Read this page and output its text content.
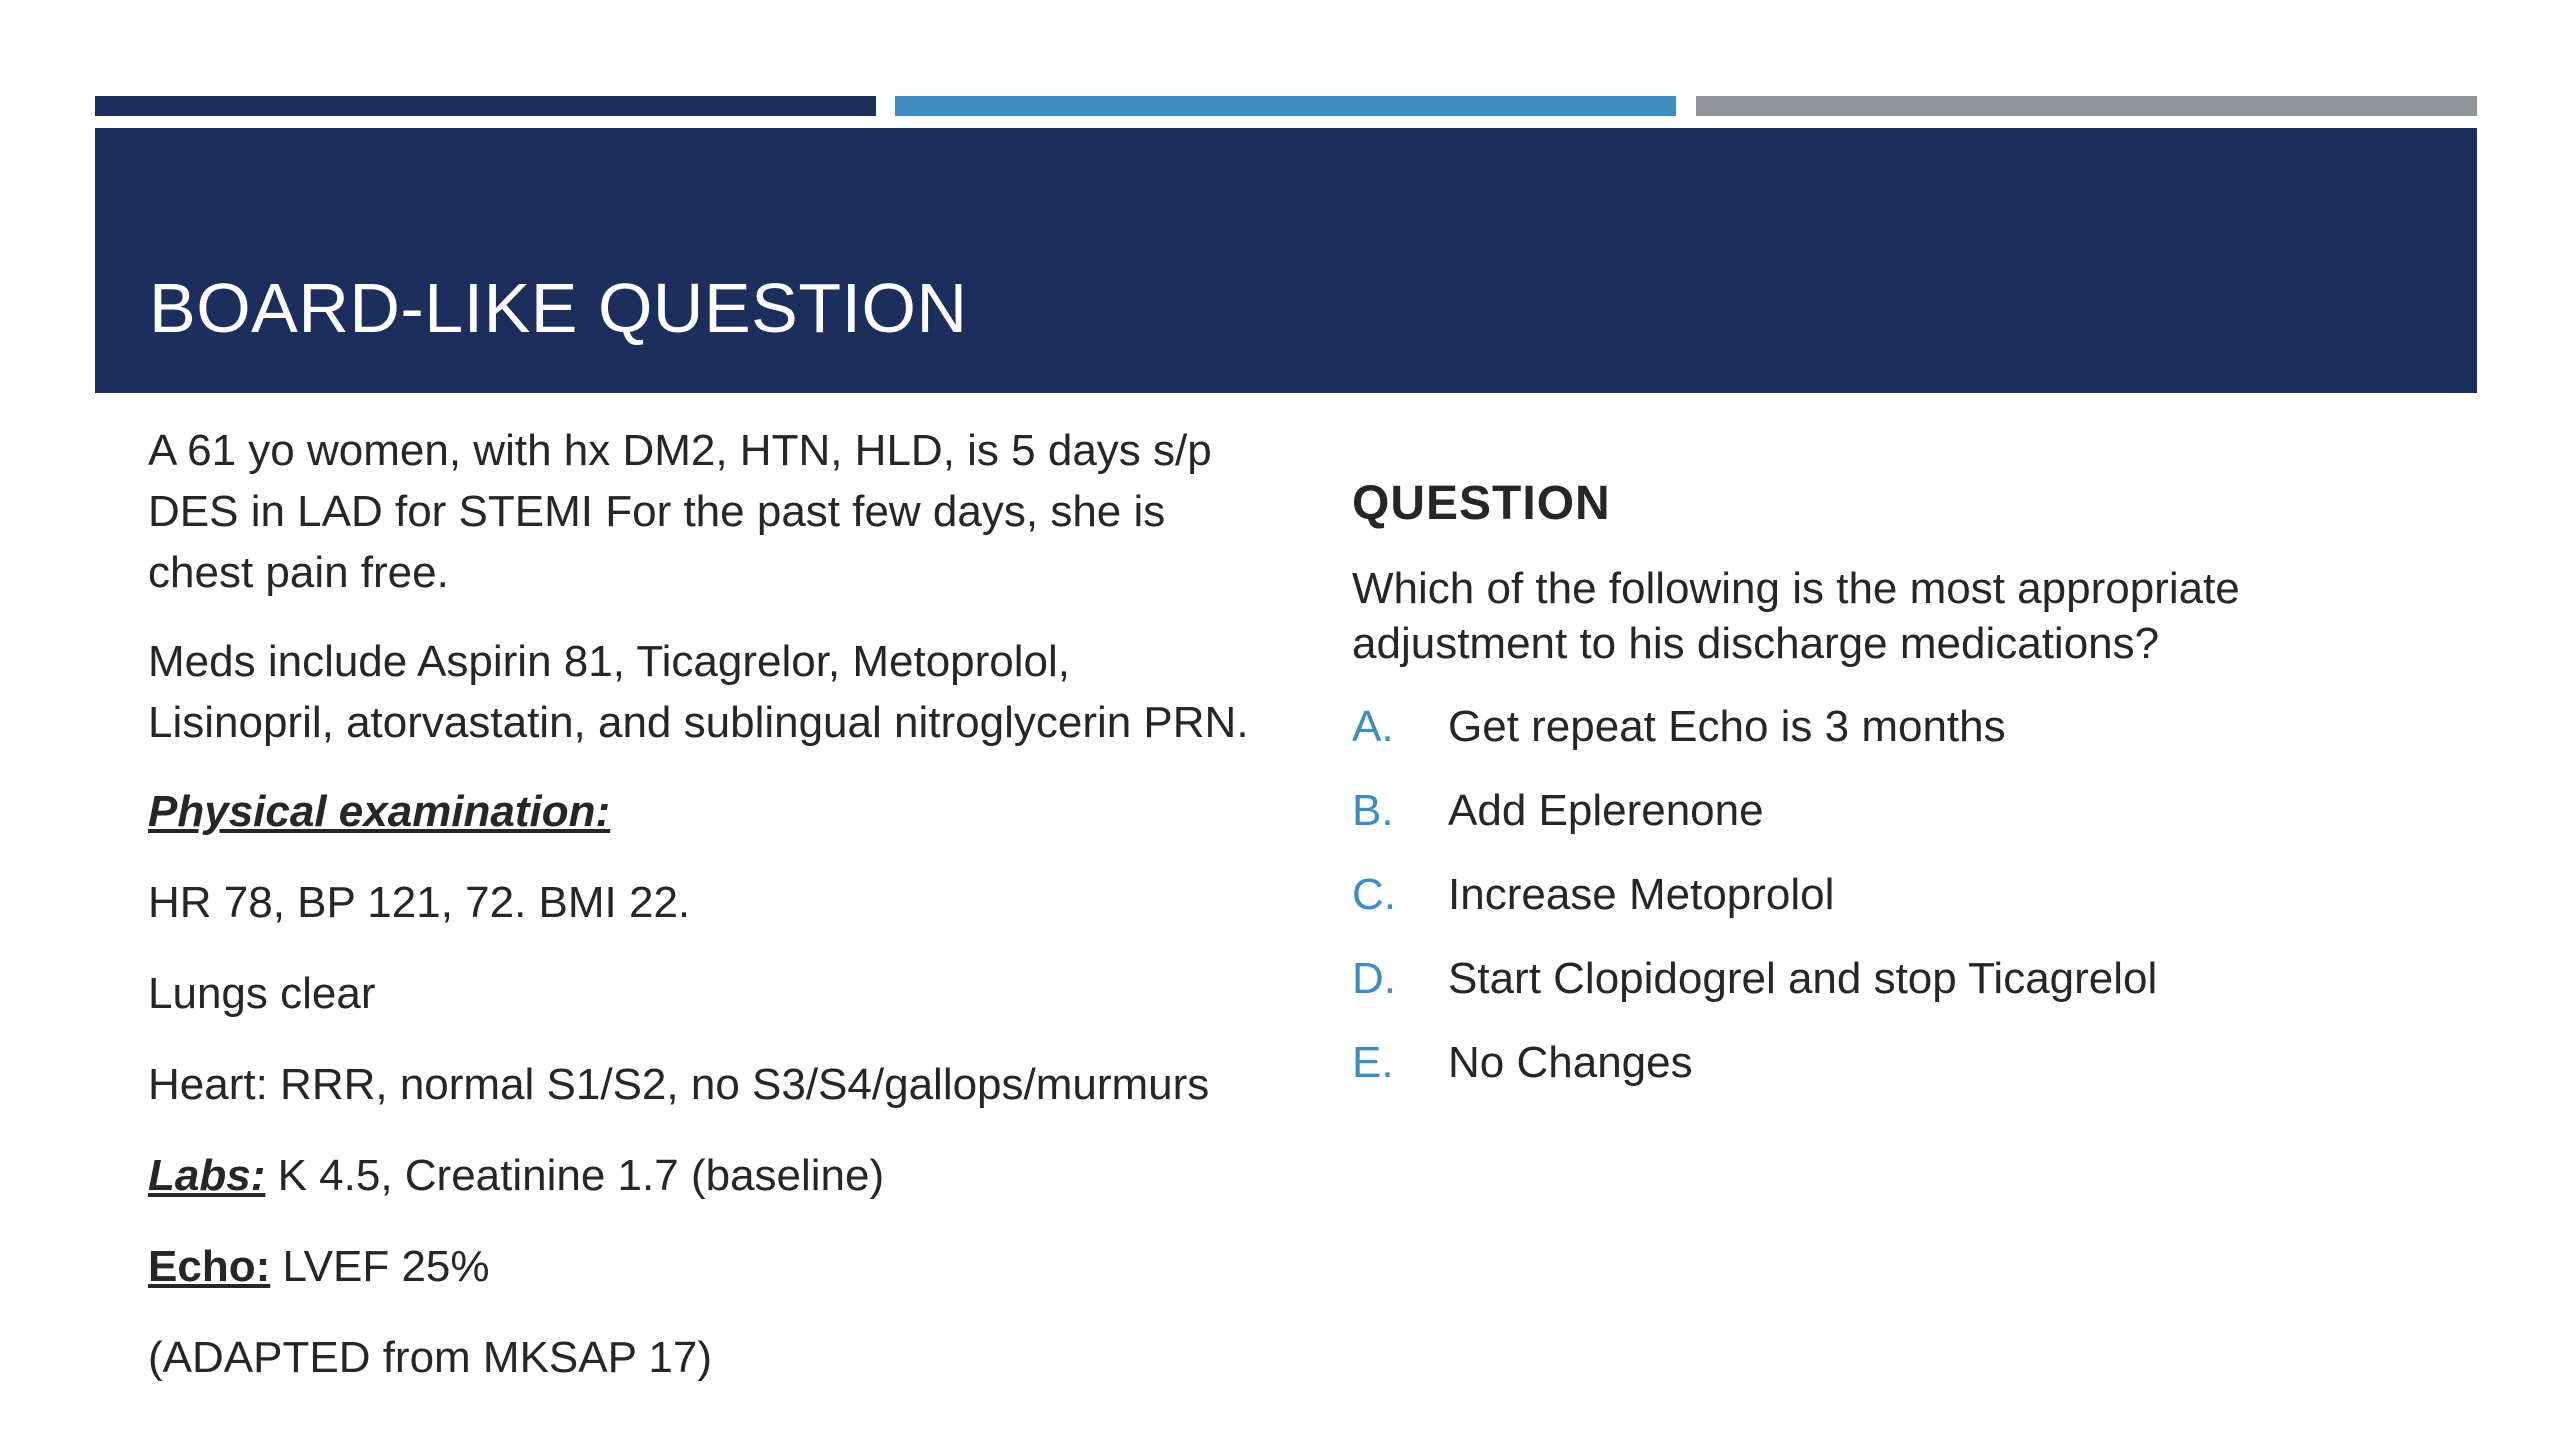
BOARD-LIKE QUESTION

A 61 yo women, with hx DM2, HTN, HLD, is 5 days s/p DES in LAD for STEMI For the past few days, she is chest pain free.

Meds include Aspirin 81, Ticagrelor, Metoprolol, Lisinopril, atorvastatin, and sublingual nitroglycerin PRN.

Physical examination:

HR 78, BP 121, 72. BMI 22.

Lungs clear

Heart: RRR, normal S1/S2, no S3/S4/gallops/murmurs

Labs: K 4.5, Creatinine 1.7 (baseline)

Echo: LVEF 25%

(ADAPTED from MKSAP 17)

QUESTION
Which of the following is the most appropriate adjustment to his discharge medications?
A.	Get repeat Echo is 3 months
B.	Add Eplerenone
C.	Increase Metoprolol
D.	Start Clopidogrel and stop Ticagrelol
E.	No Changes
